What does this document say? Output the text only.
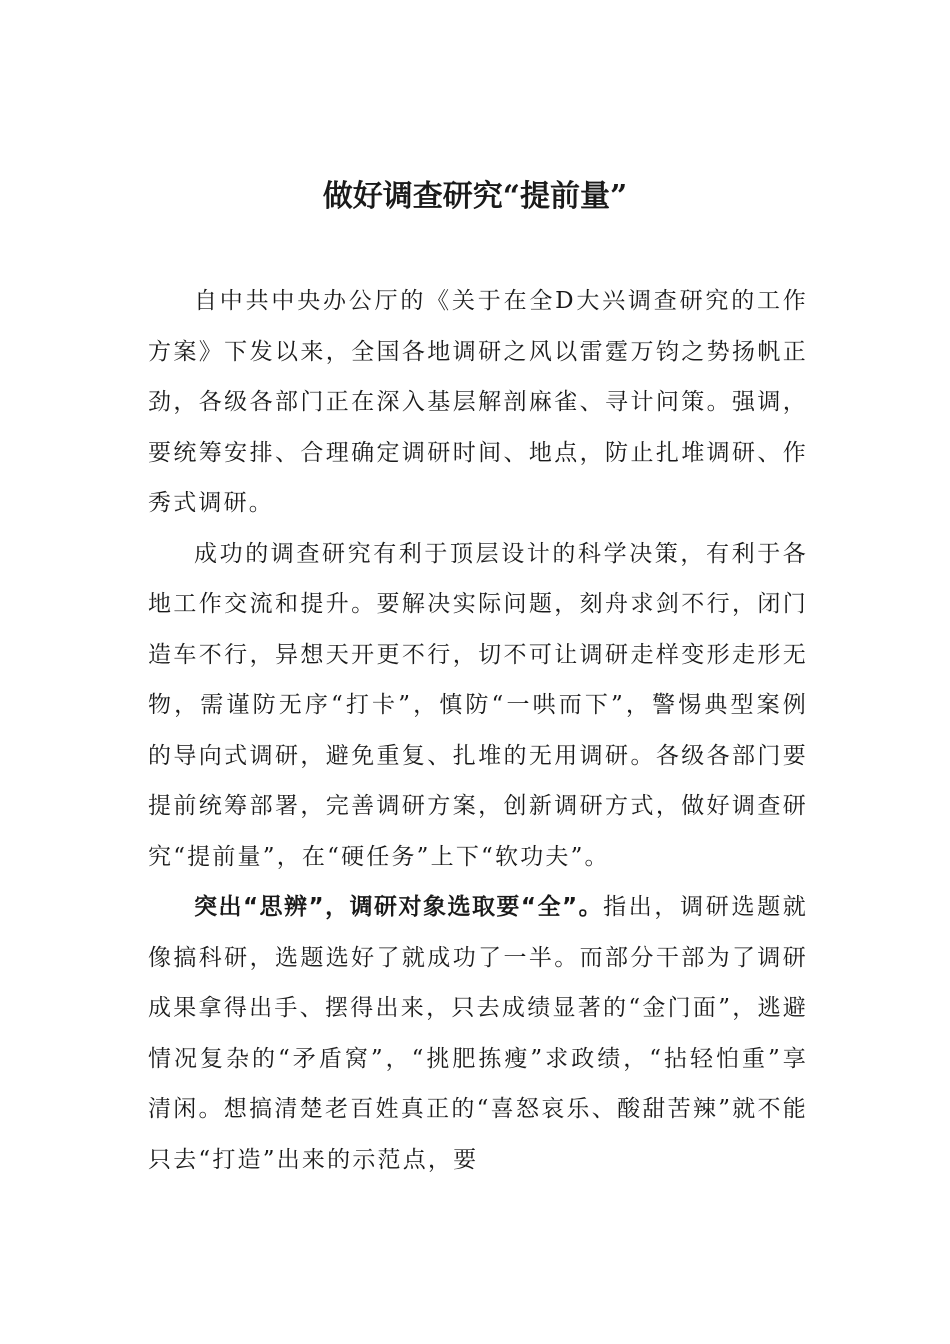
做好调查研究“提前量”

自中共中央办公厅的《关于在全D大兴调查研究的工作方案》下发以来，全国各地调研之风以雷霆万钧之势扬帆正劲，各级各部门正在深入基层解剖麻雀、寻计问策。强调，要统筹安排、合理确定调研时间、地点，防止扎堆调研、作秀式调研。

成功的调查研究有利于顶层设计的科学决策，有利于各地工作交流和提升。要解决实际问题，刻舟求剑不行，闭门造车不行，异想天开更不行，切不可让调研走样变形走形无物，需谨防无序“打卡”，慎防“一哄而下”，警惕典型案例的导向式调研，避免重复、扎堆的无用调研。各级各部门要提前统筹部署，完善调研方案，创新调研方式，做好调查研究“提前量”，在“硬任务”上下“软功夫”。

突出“思辨”，调研对象选取要“全”。指出，调研选题就像搞科研，选题选好了就成功了一半。而部分干部为了调研成果拿得出手、摆得出来，只去成绩显著的“金门面”，逃避情况复杂的“矛盾窝”，“挑肥拣瘦”求政绩，“拈轻怕重”享清闲。想搞清楚老百姓真正的“喜怒哀乐、酸甜苦辣”就不能只去“打造”出来的示范点，要
